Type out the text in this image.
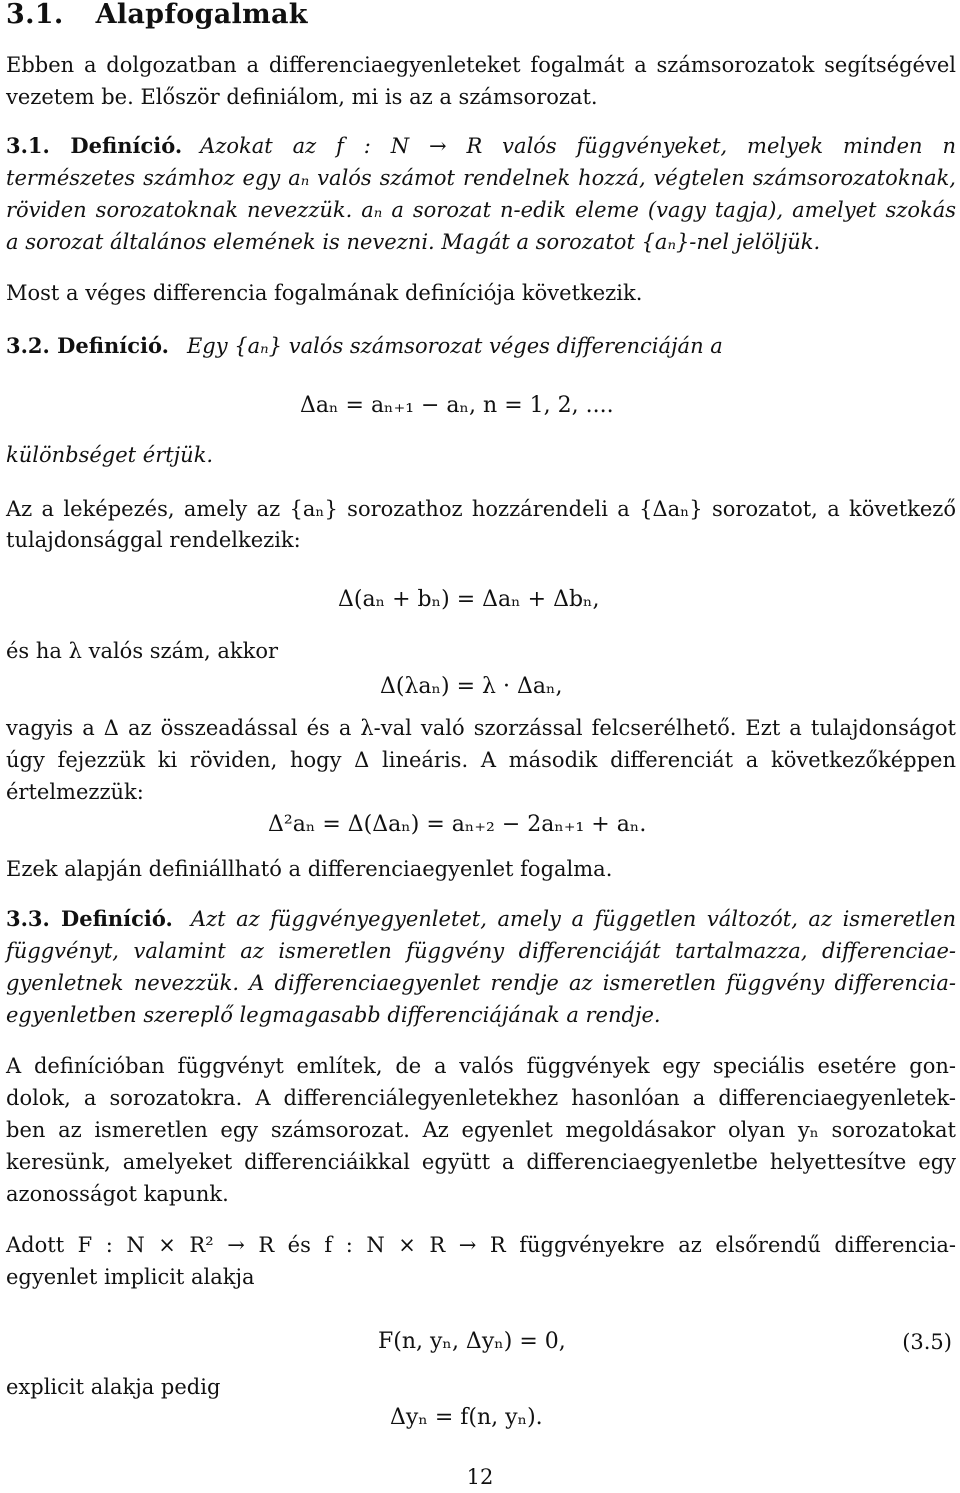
3.1. Alapfogalmak
Ebben a dolgozatban a differenciaegyenleteket fogalmát a számsorozatok segítségével
vezetem be. Először definiálom, mi is az a számsorozat.
3.1. Definíció. Azokat az f : N → R valós függvényeket, melyek minden n
természetes számhoz egy aₙ valós számot rendelnek hozzá, végtelen számsorozatoknak,
röviden sorozatoknak nevezzük. aₙ a sorozat n-edik eleme (vagy tagja), amelyet szokás
a sorozat általános elemének is nevezni. Magát a sorozatot {aₙ}-nel jelöljük.
Most a véges differencia fogalmának definíciója következik.
3.2. Definíció. Egy {aₙ} valós számsorozat véges differenciáján a
Δaₙ = aₙ₊₁ − aₙ, n = 1, 2, ....
különbséget értjük.
Az a leképezés, amely az {aₙ} sorozathoz hozzárendeli a {Δaₙ} sorozatot, a következő
tulajdonsággal rendelkezik:
Δ(aₙ + bₙ) = Δaₙ + Δbₙ,
és ha λ valós szám, akkor
Δ(λaₙ) = λ · Δaₙ,
vagyis a Δ az összeadással és a λ-val való szorzással felcserélhető. Ezt a tulajdonságot
úgy fejezzük ki röviden, hogy Δ lineáris. A második differenciát a következőképpen
értelmezzük:
Δ²aₙ = Δ(Δaₙ) = aₙ₊₂ − 2aₙ₊₁ + aₙ.
Ezek alapján definiállható a differenciaegyenlet fogalma.
3.3. Definíció. Azt az függvényegyenletet, amely a független változót, az ismeretlen
függvényt, valamint az ismeretlen függvény differenciáját tartalmazza, differenciae-
gyenletnek nevezzük. A differenciaegyenlet rendje az ismeretlen függvény differencia-
egyenletben szereplő legmagasabb differenciájának a rendje.
A definícióban függvényt említek, de a valós függvények egy speciális esetére gon-
dolok, a sorozatokra. A differenciálegyenletekhez hasonlóan a differenciaegyenletek-
ben az ismeretlen egy számsorozat. Az egyenlet megoldásakor olyan yₙ sorozatokat
keresünk, amelyeket differenciáikkal együtt a differenciaegyenletbe helyettesítve egy
azonosságot kapunk.
Adott F : N × R² → R és f : N × R → R függvényekre az elsőrendű differencia-
egyenlet implicit alakja
F(n, yₙ, Δyₙ) = 0,	(3.5)
explicit alakja pedig
Δyₙ = f(n, yₙ).
12
